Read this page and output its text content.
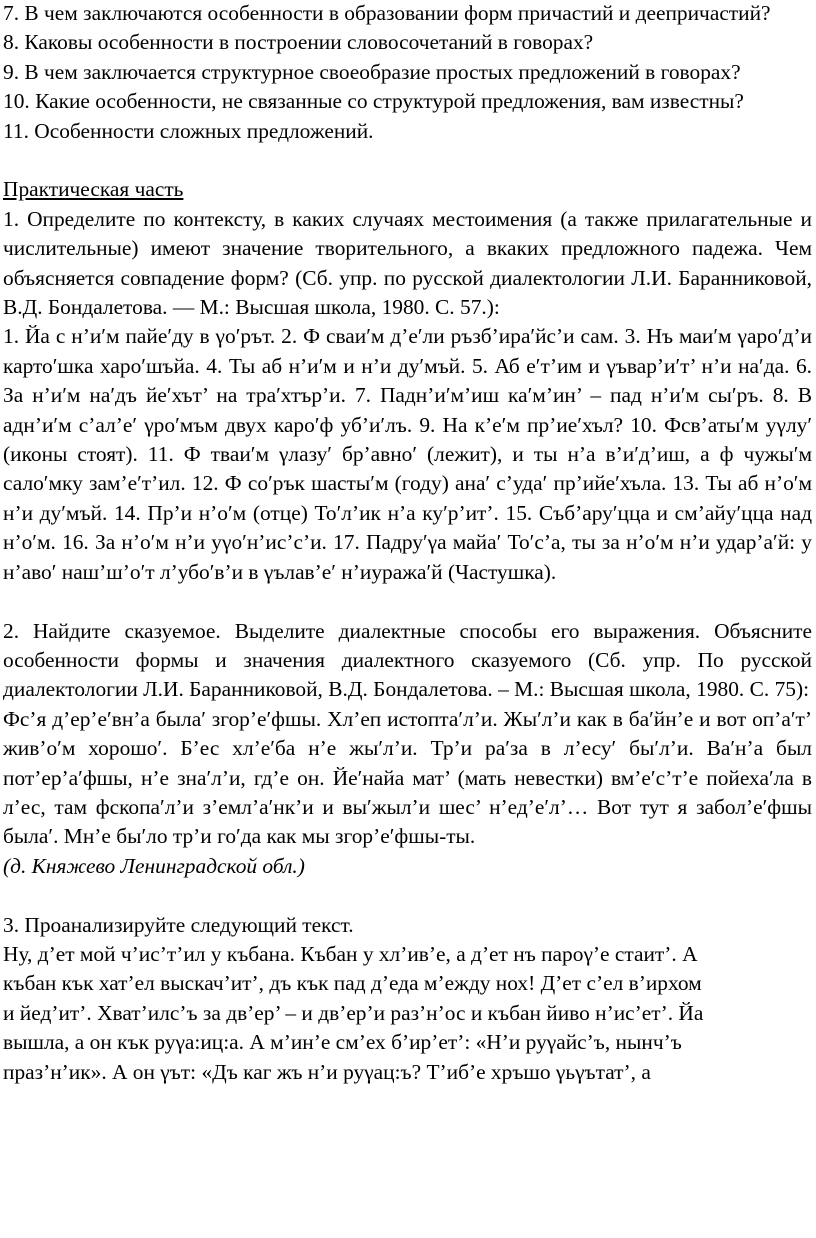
7. В чем заключаются особенности в образовании форм причастий и деепричастий?

8. Каковы особенности в построении словосочетаний в говорах?

9. В чем заключается структурное своеобразие простых предложений в говорах?

10. Какие особенности, не связанные со структурой предложения, вам известны?

11. Особенности сложных предложений.

Практическая часть

1. Определите по контексту, в каких случаях местоимения (а также прилагательные и числительные) имеют значение творительного, а вкаких предложного падежа. Чем объясняется совпадение форм? (Сб. упр. по русской диалектологии Л.И. Баранниковой, В.Д. Бондалетова. — М.: Высшая школа, 1980. С. 57.):

1. Йа с н’и′м пайе′ду в γо′рът. 2. Ф сваи′м д’е′ли ръзб’ира′йс’и сам. 3. Нъ маи′м γаро′д’и карто′шка харо′шъйа. 4. Ты аб н’и′м и н’и ду′мъй. 5. Аб е′т’им и γъвар’и′т’ н’и на′да. 6. За н’и′м на′дъ йе′хът’ на тра′хтър’и. 7. Падн’и′м’иш ка′м’ин’ – пад н’и′м сы′ръ. 8. В адн’и′м с’ал’е′ γро′мъм двух каро′ф уб’и′лъ. 9. На к’е′м пр’ие′хъл? 10. Фсв’аты′м уγлу′ (иконы стоят). 11. Ф тваи′м γлазу′ бр’авно′ (лежит), и ты н’а в’и′д’иш, а ф чужы′м сало′мку зам’е′т’ил. 12. Ф со′рък шасты′м (году) ана′ с’уда′ пр’ийе′хъла. 13. Ты аб н’о′м н’и ду′мъй. 14. Пр’и н’о′м (отце) То′л’ик н’а ку′р’ит’. 15. Съб’ару′цца и см’айу′цца над н’о′м. 16. За н’о′м н’и уγо′н’ис’с’и. 17. Падру′γа майа′ То′с’а, ты за н’о′м н’и удар’а′й: у н’аво′ наш’ш’о′т л’убо′в’и в γълав’е′ н’иуража′й (Частушка).

2. Найдите сказуемое. Выделите диалектные способы его выражения. Объясните особенности формы и значения диалектного сказуемого (Сб. упр. По русской диалектологии Л.И. Баранниковой, В.Д. Бондалетова. – М.: Высшая школа, 1980. С. 75):

Фс’я д’ер’е′вн’а была′ згор’е′фшы. Хл’еп истопта′л’и. Жы′л’и как в ба′йн’е и вот оп’а′т’ жив’о′м хорошо′. Б’ес хл’е′ба н’е жы′л’и. Тр’и ра′за в л’есу′ бы′л’и. Ва′н’а был пот’ер’а′фшы, н’е зна′л’и, гд’е он. Йе′найа мат’ (мать невестки) вм’е′с’т’е пойеха′ла в л’ес, там фскопа′л’и з’емл’а′нк’и и вы′жыл’и шес’ н’ед’е′л’… Вот тут я забол’е′фшы была′. Мн’е бы′ло тр’и го′да как мы згор’е′фшы-ты.

(д. Княжево Ленинградской обл.)

3. Проанализируйте следующий текст.

Ну, д’ет мой ч’ис’т’ил у къбана. Къбан у хл’ив’е, а д’ет нъ пароγ’е стаит’. А

къбан кък хат’ел выскач’ит’, дъ кък пад д’еда м’ежду нох! Д’ет с’ел в’ирхом

и йед’ит’. Хват’илс’ъ за дв’ер’ – и дв’ер’и раз’н’ос и къбан йиво н’ис’ет’. Йа

вышла, а он кък руγа:иц:а. А м’ин’е см’ех б’ир’ет’: «Н’и руγайс’ъ, нынч’ъ

праз’н’ик». А он γът: «Дъ каг жъ н’и руγац:ъ? Т’иб’е хръшо γьγътат’, а
